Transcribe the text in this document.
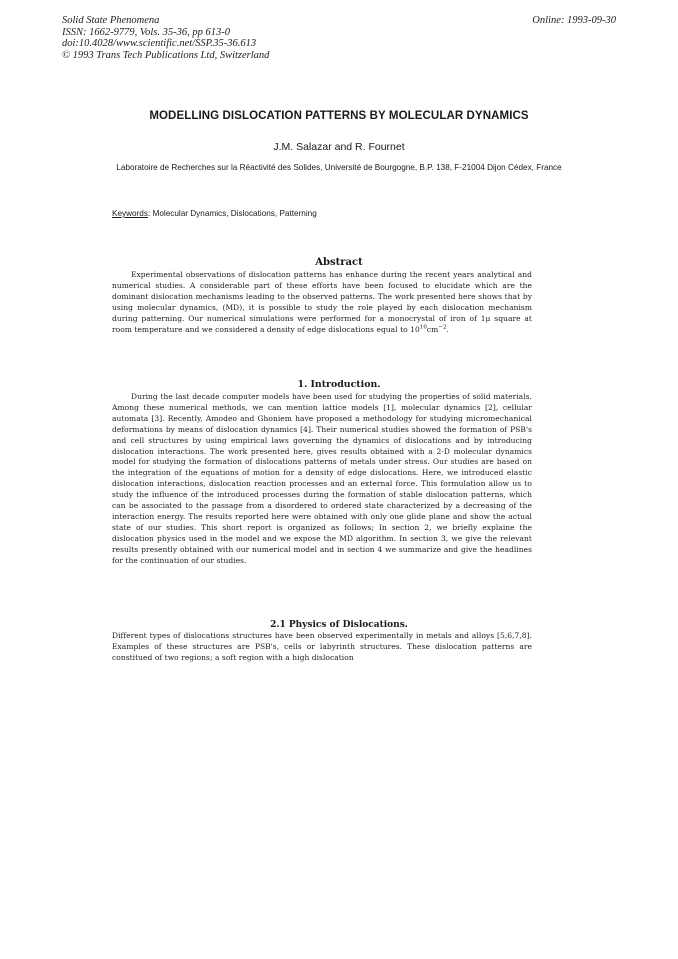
Solid State Phenomena
ISSN: 1662-9779, Vols. 35-36, pp 613-0
doi:10.4028/www.scientific.net/SSP.35-36.613
© 1993 Trans Tech Publications Ltd, Switzerland
Online: 1993-09-30
MODELLING DISLOCATION PATTERNS BY MOLECULAR DYNAMICS
J.M. Salazar and R. Fournet
Laboratoire de Recherches sur la Réactivité des Solides, Université de Bourgogne, B.P. 138, F-21004 Dijon Cédex, France
Keywords: Molecular Dynamics, Dislocations, Patterning
Abstract
Experimental observations of dislocation patterns has enhance during the recent years analytical and numerical studies. A considerable part of these efforts have been focused to elucidate which are the dominant dislocation mechanisms leading to the observed patterns. The work presented here shows that by using molecular dynamics, (MD), it is possible to study the role played by each dislocation mechanism during patterning. Our numerical simulations were performed for a monocrystal of iron of 1μ square at room temperature and we considered a density of edge dislocations equal to $10^{10}cm^{-2}$.
1. Introduction.
During the last decade computer models have been used for studying the properties of solid materials. Among these numerical methods, we can mention lattice models [1], molecular dynamics [2], cellular automata [3]. Recently, Amodeo and Ghoniem have proposed a methodology for studying micromechanical deformations by means of dislocation dynamics [4]. Their numerical studies showed the formation of PSB's and cell structures by using empirical laws governing the dynamics of dislocations and by introducing dislocation interactions. The work presented here, gives results obtained with a 2-D molecular dynamics model for studying the formation of dislocations patterns of metals under stress. Our studies are based on the integration of the equations of motion for a density of edge dislocations. Here, we introduced elastic dislocation interactions, dislocation reaction processes and an external force. This formulation allow us to study the influence of the introduced processes during the formation of stable dislocation patterns, which can be associated to the passage from a disordered to ordered state characterized by a decreasing of the interaction energy. The results reported here were obtained with only one glide plane and show the actual state of our studies. This short report is organized as follows; In section 2, we briefly explaine the dislocation physics used in the model and we expose the MD algorithm. In section 3, we give the relevant results presently obtained with our numerical model and in section 4 we summarize and give the headlines for the continuation of our studies.
2.1 Physics of Dislocations.
Different types of dislocations structures have been observed experimentally in metals and alloys [5,6,7,8]. Examples of these structures are PSB's, cells or labyrinth structures. These dislocation patterns are constitued of two regions; a soft region with a high dislocation
